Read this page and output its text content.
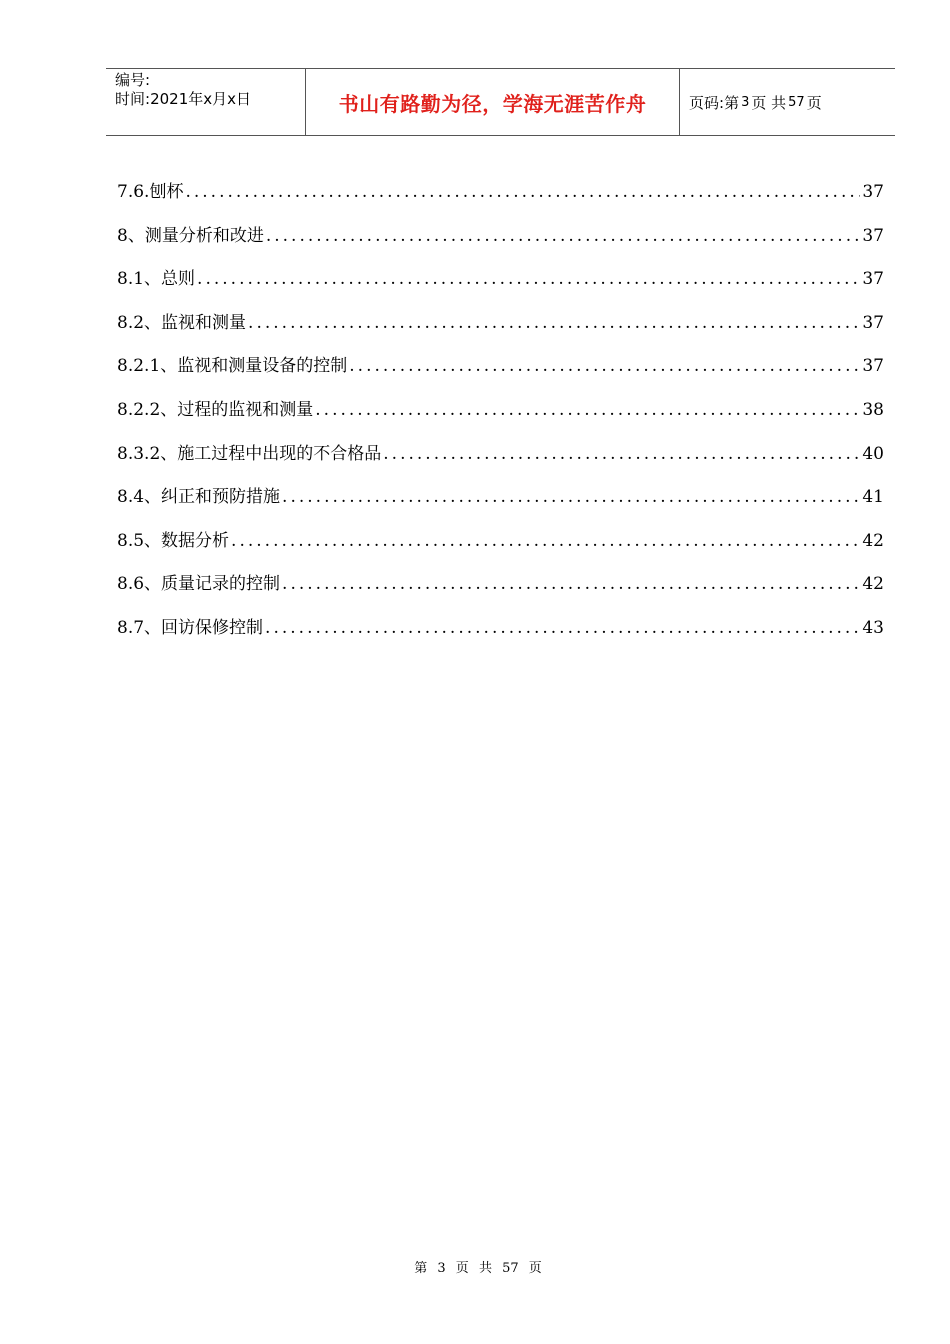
编号:
时间:2021年x月x日	书山有路勤为径，学海无涯苦作舟	页码: 第 3 页 共 57 页
7.6.刨杯 .....	37
8、测量分析和改进 .....	37
8.1、总则 .....	37
8.2、监视和测量 .....	37
8.2.1、监视和测量设备的控制 .....	37
8.2.2、过程的监视和测量 .....	38
8.3.2、施工过程中出现的不合格品 .....	40
8.4、纠正和预防措施 .....	41
8.5、数据分析 .....	42
8.6、质量记录的控制 .....	42
8.7、回访保修控制 .....	43
第 3 页 共 57 页
